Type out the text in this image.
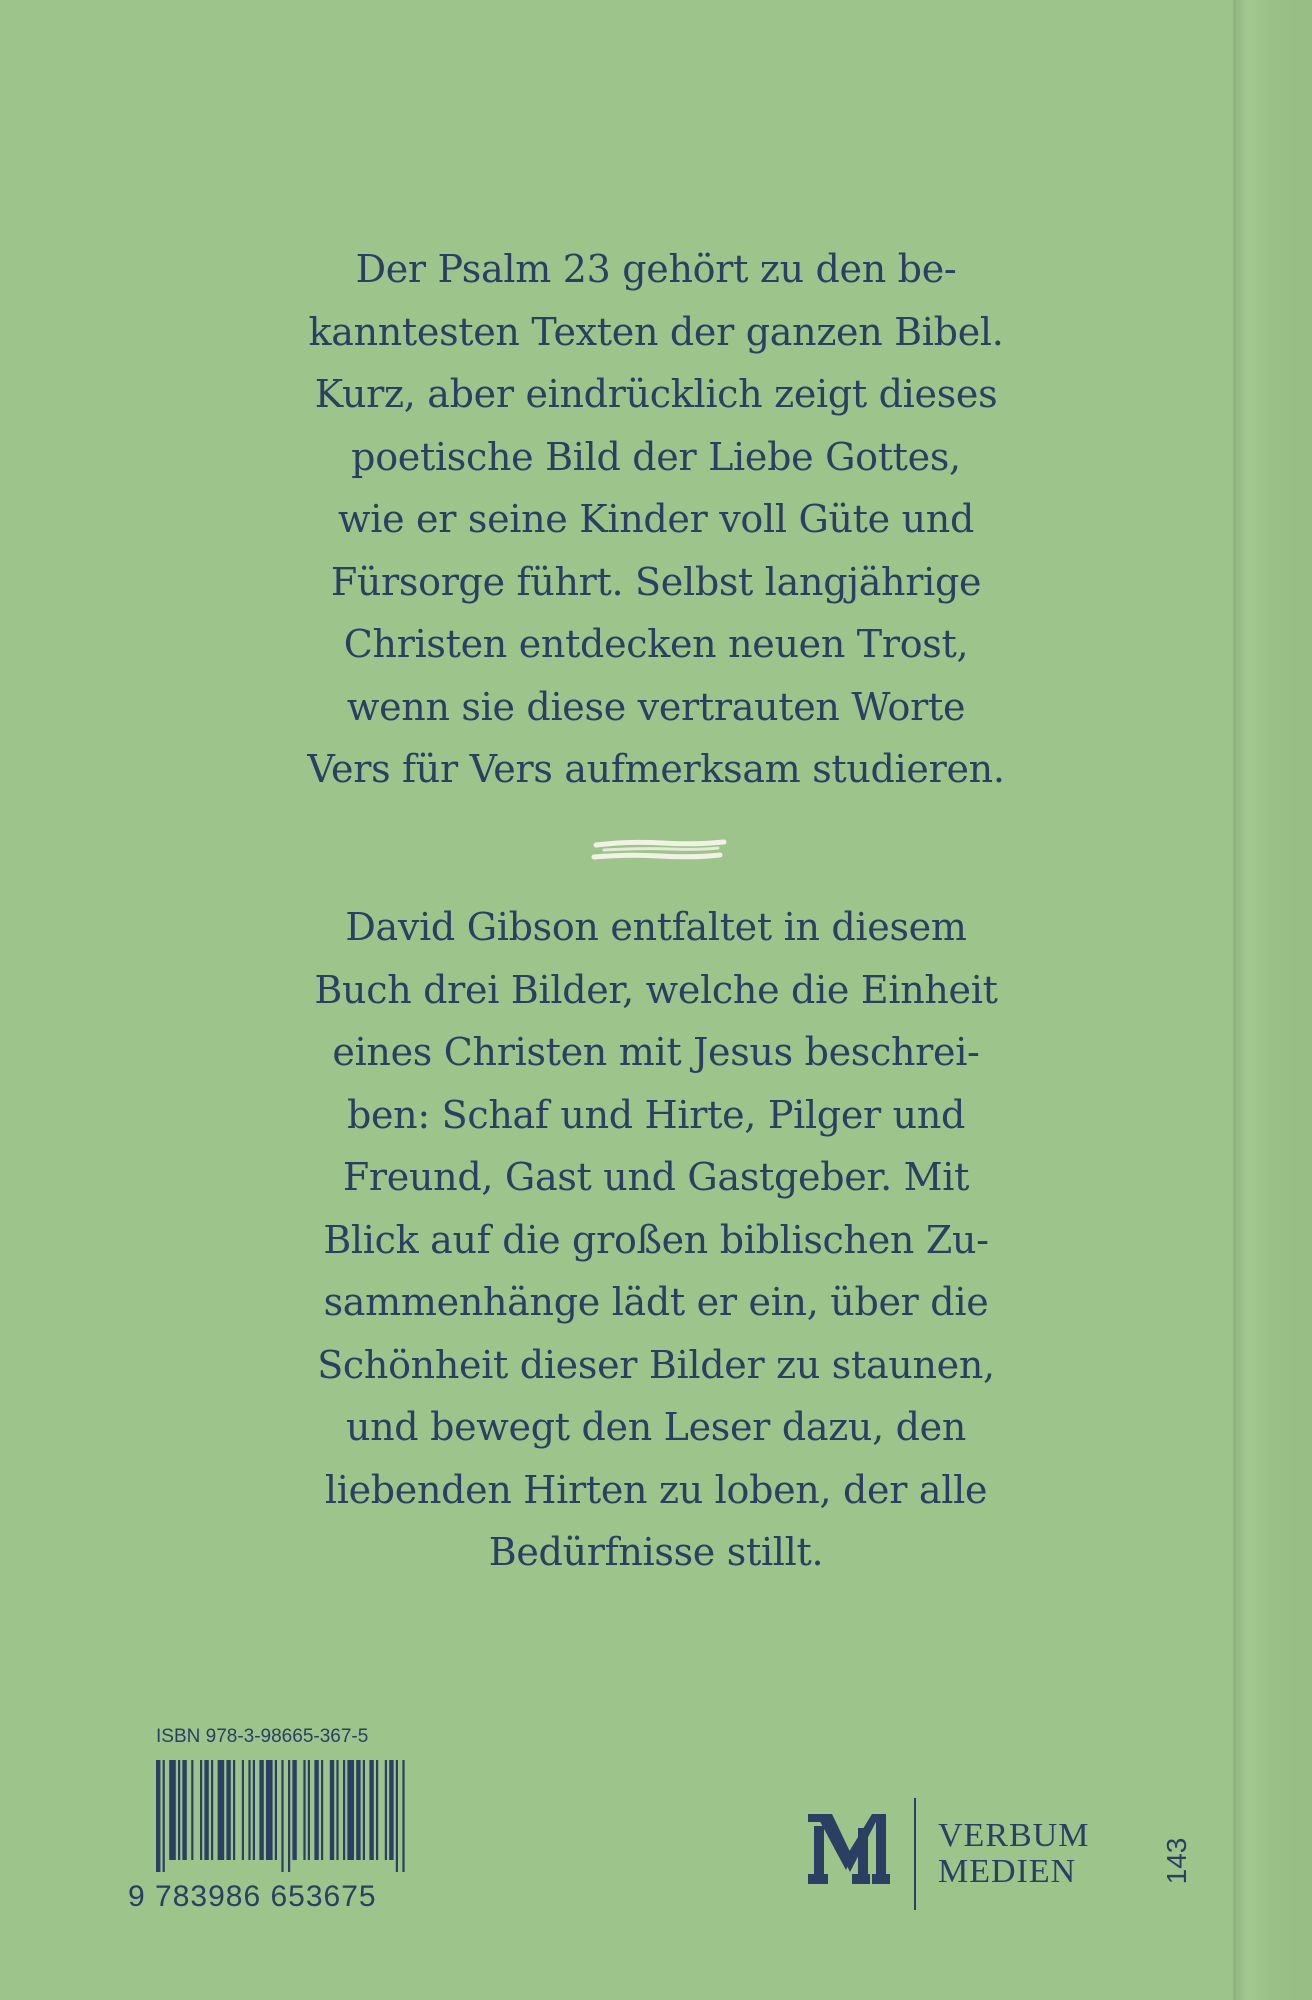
Der Psalm 23 gehört zu den be-
kanntesten Texten der ganzen Bibel.
Kurz, aber eindrücklich zeigt dieses
poetische Bild der Liebe Gottes,
wie er seine Kinder voll Güte und
Fürsorge führt. Selbst langjährige
Christen entdecken neuen Trost,
wenn sie diese vertrauten Worte
Vers für Vers aufmerksam studieren.
David Gibson entfaltet in diesem
Buch drei Bilder, welche die Einheit
eines Christen mit Jesus beschrei-
ben: Schaf und Hirte, Pilger und
Freund, Gast und Gastgeber. Mit
Blick auf die großen biblischen Zu-
sammenhänge lädt er ein, über die
Schönheit dieser Bilder zu staunen,
und bewegt den Leser dazu, den
liebenden Hirten zu loben, der alle
Bedürfnisse stillt.
ISBN 978-3-98665-367-5
9 783986 653675
VERBUM
MEDIEN	143
